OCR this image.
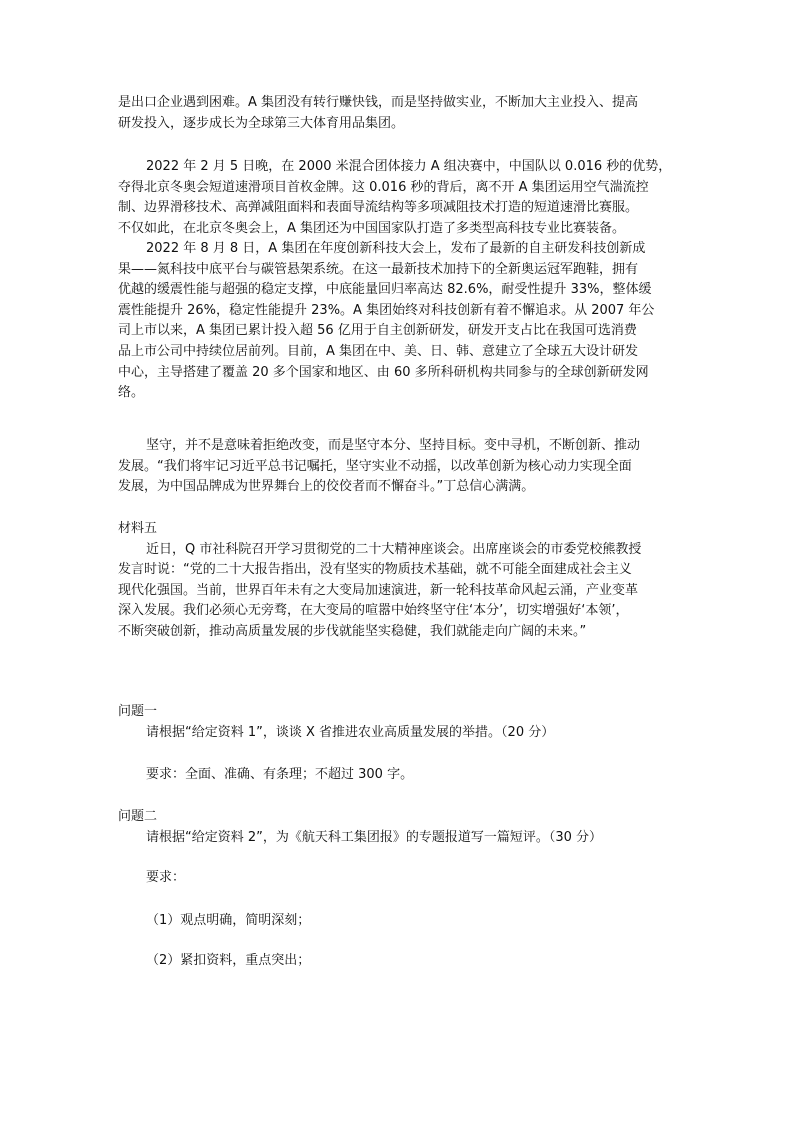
是出口企业遇到困难。A 集团没有转行赚快钱，而是坚持做实业，不断加大主业投入、提高
研发投入，逐步成长为全球第三大体育用品集团。
2022 年 2 月 5 日晚，在 2000 米混合团体接力 A 组决赛中，中国队以 0.016 秒的优势，
夺得北京冬奥会短道速滑项目首枚金牌。这 0.016 秒的背后，离不开 A 集团运用空气湍流控
制、边界滑移技术、高弹减阻面料和表面导流结构等多项减阻技术打造的短道速滑比赛服。
不仅如此，在北京冬奥会上，A 集团还为中国国家队打造了多类型高科技专业比赛装备。
2022 年 8 月 8 日，A 集团在年度创新科技大会上，发布了最新的自主研发科技创新成
果——氮科技中底平台与碳管悬架系统。在这一最新技术加持下的全新奥运冠军跑鞋，拥有
优越的缓震性能与超强的稳定支撑，中底能量回归率高达 82.6%，耐受性提升 33%，整体缓
震性能提升 26%，稳定性能提升 23%。A 集团始终对科技创新有着不懈追求。从 2007 年公
司上市以来，A 集团已累计投入超 56 亿用于自主创新研发，研发开支占比在我国可选消费
品上市公司中持续位居前列。目前，A 集团在中、美、日、韩、意建立了全球五大设计研发
中心，主导搭建了覆盖 20 多个国家和地区、由 60 多所科研机构共同参与的全球创新研发网
络。
坚守，并不是意味着拒绝改变，而是坚守本分、坚持目标。变中寻机，不断创新、推动
发展。“我们将牢记习近平总书记嘱托，坚守实业不动摇，以改革创新为核心动力实现全面
发展，为中国品牌成为世界舞台上的佼佼者而不懈奋斗。”丁总信心满满。
材料五
近日，Q 市社科院召开学习贯彻党的二十大精神座谈会。出席座谈会的市委党校熊教授
发言时说：“党的二十大报告指出，没有坚实的物质技术基础，就不可能全面建成社会主义
现代化强国。当前，世界百年未有之大变局加速演进，新一轮科技革命风起云涌，产业变革
深入发展。我们必须心无旁骛，在大变局的喧嚣中始终坚守住‘本分’，切实增强好‘本领’，
不断突破创新，推动高质量发展的步伐就能坚实稳健，我们就能走向广阔的未来。”
问题一
请根据“给定资料 1”，谈谈 X 省推进农业高质量发展的举措。（20 分）
要求：全面、准确、有条理；不超过 300 字。
问题二
请根据“给定资料 2”，为《航天科工集团报》的专题报道写一篇短评。（30 分）
要求：
（1）观点明确，简明深刻；
（2）紧扣资料，重点突出；
